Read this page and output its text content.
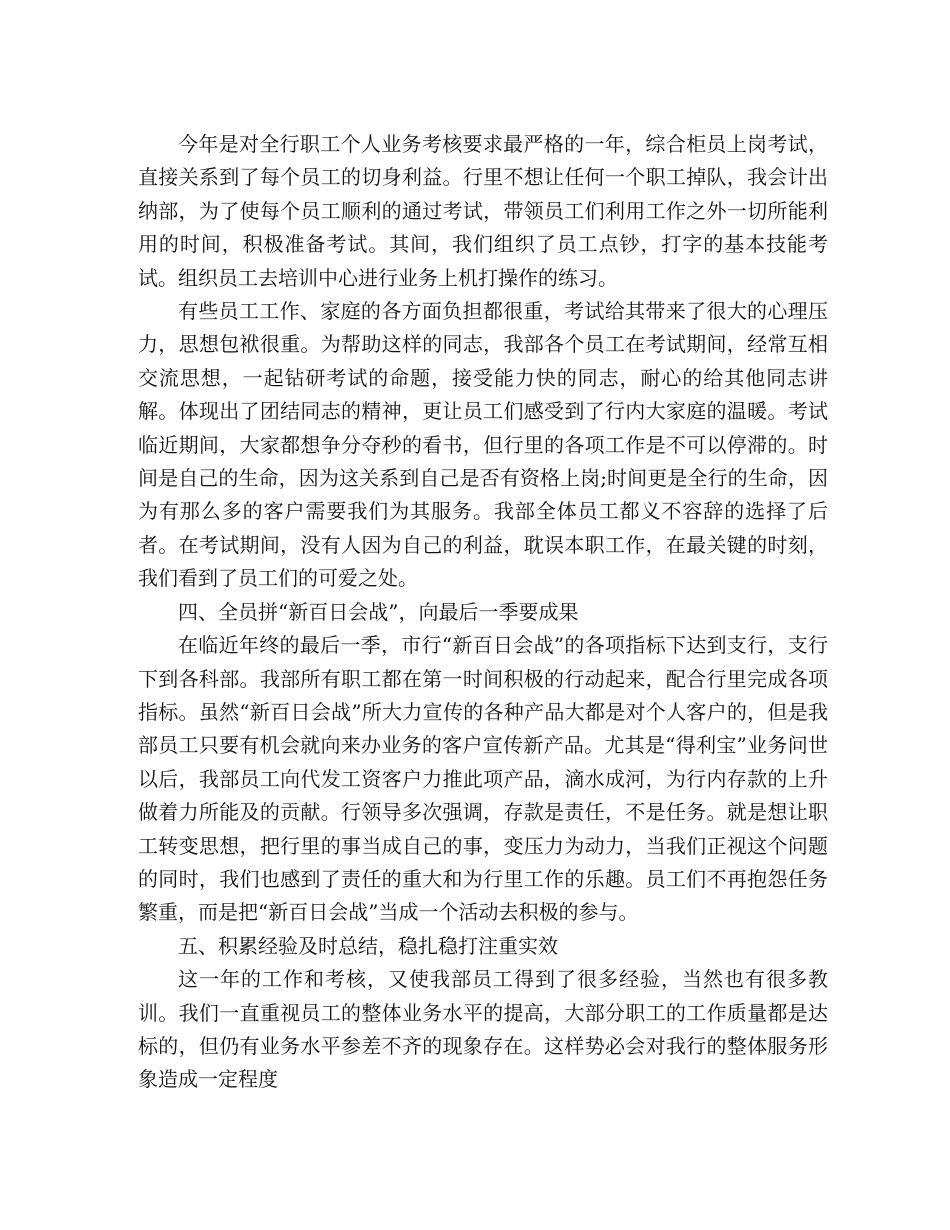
今年是对全行职工个人业务考核要求最严格的一年，综合柜员上岗考试，直接关系到了每个员工的切身利益。行里不想让任何一个职工掉队，我会计出纳部，为了使每个员工顺利的通过考试，带领员工们利用工作之外一切所能利用的时间，积极准备考试。其间，我们组织了员工点钞，打字的基本技能考试。组织员工去培训中心进行业务上机打操作的练习。

有些员工工作、家庭的各方面负担都很重，考试给其带来了很大的心理压力，思想包袱很重。为帮助这样的同志，我部各个员工在考试期间，经常互相交流思想，一起钻研考试的命题，接受能力快的同志，耐心的给其他同志讲解。体现出了团结同志的精神，更让员工们感受到了行内大家庭的温暖。考试临近期间，大家都想争分夺秒的看书，但行里的各项工作是不可以停滞的。时间是自己的生命，因为这关系到自己是否有资格上岗;时间更是全行的生命，因为有那么多的客户需要我们为其服务。我部全体员工都义不容辞的选择了后者。在考试期间，没有人因为自己的利益，耽误本职工作，在最关键的时刻，我们看到了员工们的可爱之处。

四、全员拼“新百日会战”，向最后一季要成果

在临近年终的最后一季，市行“新百日会战”的各项指标下达到支行，支行下到各科部。我部所有职工都在第一时间积极的行动起来，配合行里完成各项指标。虽然“新百日会战”所大力宣传的各种产品大都是对个人客户的，但是我部员工只要有机会就向来办业务的客户宣传新产品。尤其是“得利宝”业务问世以后，我部员工向代发工资客户力推此项产品，滴水成河，为行内存款的上升做着力所能及的贡献。行领导多次强调，存款是责任，不是任务。就是想让职工转变思想，把行里的事当成自己的事，变压力为动力，当我们正视这个问题的同时，我们也感到了责任的重大和为行里工作的乐趣。员工们不再抱怨任务繁重，而是把“新百日会战”当成一个活动去积极的参与。

五、积累经验及时总结，稳扎稳打注重实效

这一年的工作和考核，又使我部员工得到了很多经验，当然也有很多教训。我们一直重视员工的整体业务水平的提高，大部分职工的工作质量都是达标的，但仍有业务水平参差不齐的现象存在。这样势必会对我行的整体服务形象造成一定程度
